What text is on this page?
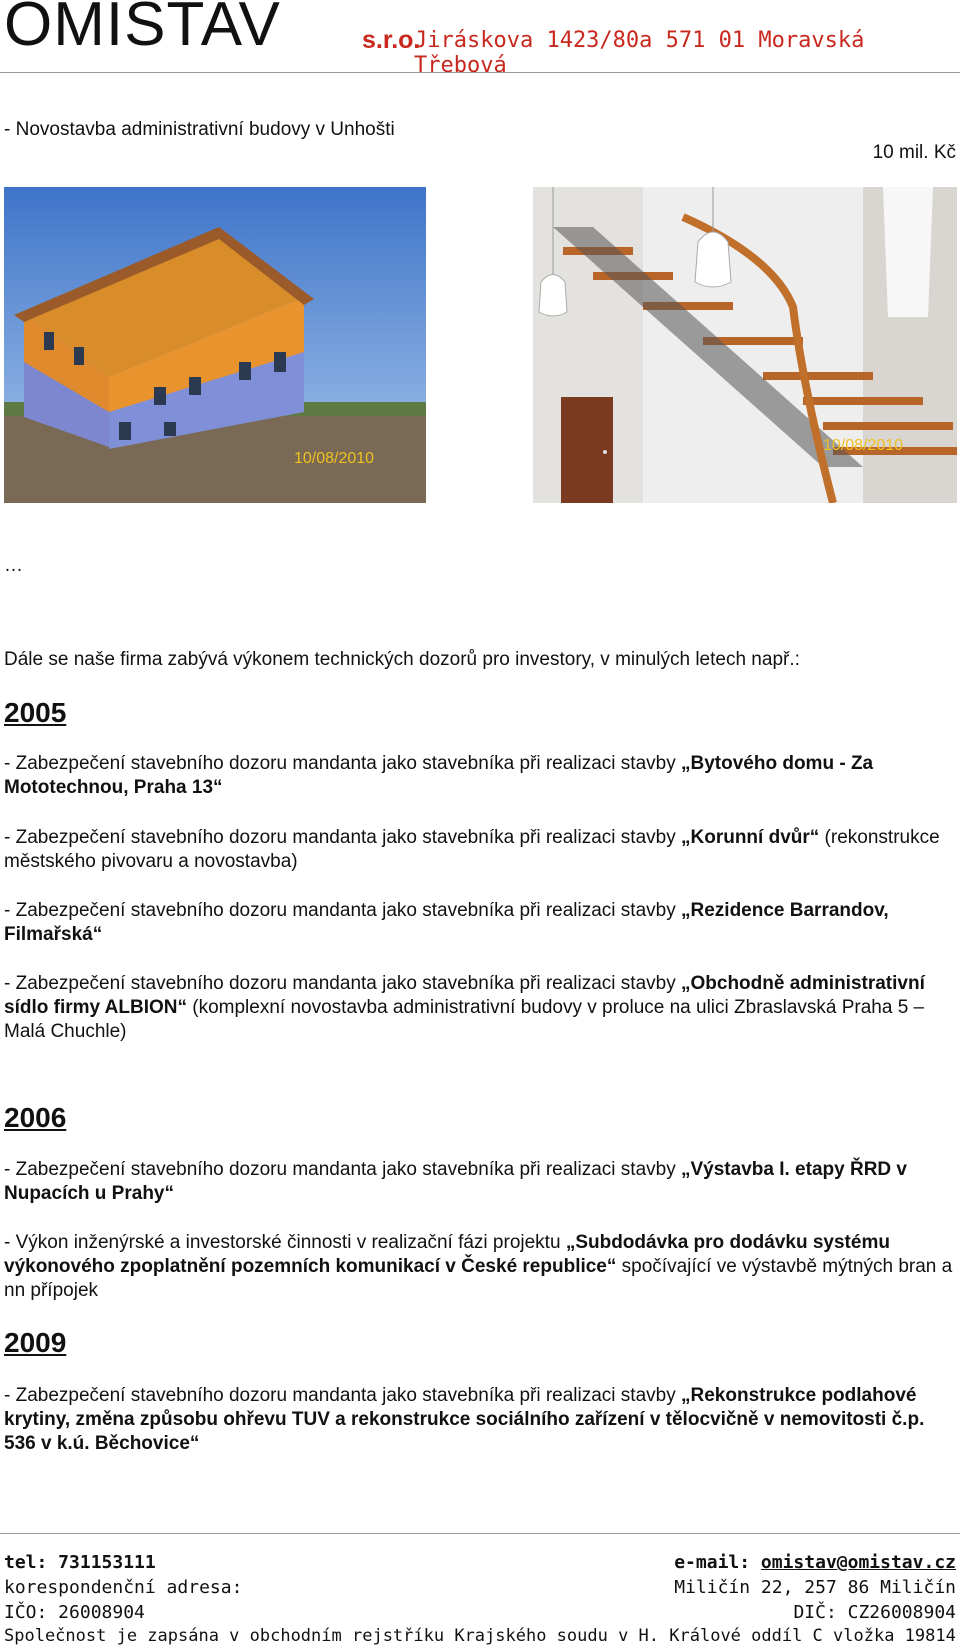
OMISTAV	s.r.o.
Jiráskova 1423/80a 571 01 Moravská Třebová
- Novostavba administrativní budovy v Unhošti
10 mil. Kč
10/08/2010
10/08/2010
…
Dále se naše firma zabývá výkonem technických dozorů pro investory, v minulých letech např.:
2005
- Zabezpečení stavebního dozoru mandanta jako stavebníka při realizaci stavby „Bytového domu - Za Mototechnou, Praha 13“
- Zabezpečení stavebního dozoru mandanta jako stavebníka při realizaci stavby „Korunní dvůr“ (rekonstrukce městského pivovaru a novostavba)
- Zabezpečení stavebního dozoru mandanta jako stavebníka při realizaci stavby „Rezidence Barrandov, Filmařská“
- Zabezpečení stavebního dozoru mandanta jako stavebníka při realizaci stavby „Obchodně administrativní sídlo firmy ALBION“ (komplexní novostavba administrativní budovy v proluce na ulici Zbraslavská Praha 5 – Malá Chuchle)
2006
- Zabezpečení stavebního dozoru mandanta jako stavebníka při realizaci stavby „Výstavba I. etapy ŘRD v Nupacích u Prahy“
- Výkon inženýrské a investorské činnosti v realizační fázi projektu „Subdodávka pro dodávku systému výkonového zpoplatnění pozemních komunikací v České republice“ spočívající ve výstavbě mýtných bran a nn přípojek
2009
- Zabezpečení stavebního dozoru mandanta jako stavebníka při realizaci stavby „Rekonstrukce podlahové krytiny, změna způsobu ohřevu TUV a rekonstrukce sociálního zařízení v tělocvičně v nemovitosti č.p. 536 v k.ú. Běchovice“
tel: 731153111	e-mail: omistav@omistav.cz
korespondenční adresa:	Miličín 22, 257 86 Miličín
IČO: 26008904	DIČ: CZ26008904
Společnost je zapsána v obchodním rejstříku Krajského soudu v H. Králové oddíl C vložka 19814
